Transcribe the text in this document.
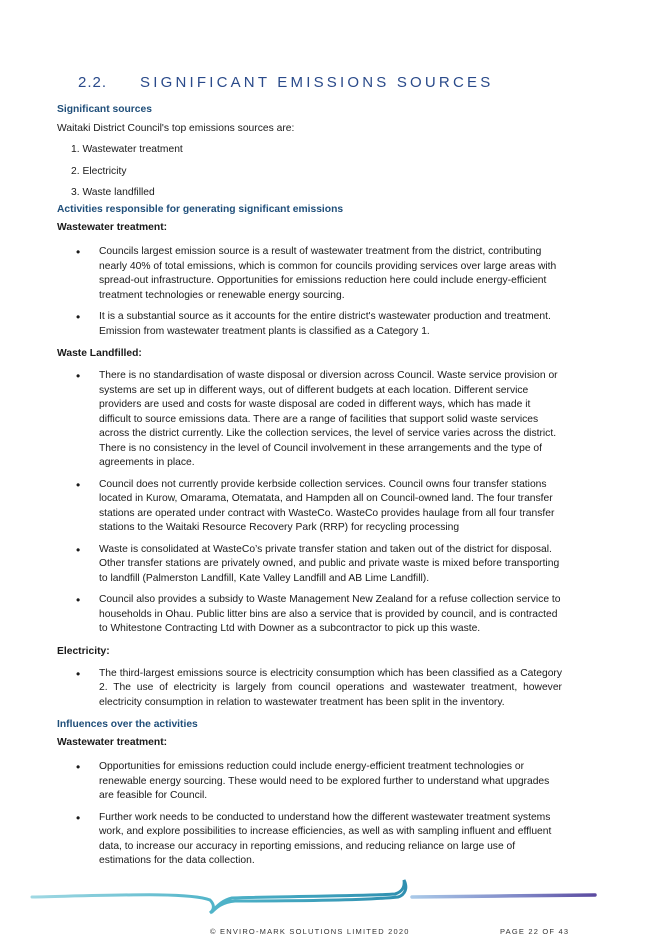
2.2. SIGNIFICANT EMISSIONS SOURCES
Significant sources

Waitaki District Council's top emissions sources are:

1. Wastewater treatment
2. Electricity
3. Waste landfilled
Activities responsible for generating significant emissions
Wastewater treatment:
• Councils largest emission source is a result of wastewater treatment from the district, contributing nearly 40% of total emissions, which is common for councils providing services over large areas with spread-out infrastructure. Opportunities for emissions reduction here could include energy-efficient treatment technologies or renewable energy sourcing.
• It is a substantial source as it accounts for the entire district's wastewater production and treatment. Emission from wastewater treatment plants is classified as a Category 1.
Waste Landfilled:
• There is no standardisation of waste disposal or diversion across Council. Waste service provision or systems are set up in different ways, out of different budgets at each location. Different service providers are used and costs for waste disposal are coded in different ways, which has made it difficult to source emissions data. There are a range of facilities that support solid waste services across the district currently. Like the collection services, the level of service varies across the district. There is no consistency in the level of Council involvement in these arrangements and the type of agreements in place.
• Council does not currently provide kerbside collection services. Council owns four transfer stations located in Kurow, Omarama, Otematata, and Hampden all on Council-owned land. The four transfer stations are operated under contract with WasteCo. WasteCo provides haulage from all four transfer stations to the Waitaki Resource Recovery Park (RRP) for recycling processing
• Waste is consolidated at WasteCo’s private transfer station and taken out of the district for disposal. Other transfer stations are privately owned, and public and private waste is mixed before transporting to landfill (Palmerston Landfill, Kate Valley Landfill and AB Lime Landfill).
• Council also provides a subsidy to Waste Management New Zealand for a refuse collection service to households in Ohau. Public litter bins are also a service that is provided by council, and is contracted to Whitestone Contracting Ltd with Downer as a subcontractor to pick up this waste.
Electricity:
• The third-largest emissions source is electricity consumption which has been classified as a Category 2. The use of electricity is largely from council operations and wastewater treatment, however electricity consumption in relation to wastewater treatment has been split in the inventory.
Influences over the activities
Wastewater treatment:
• Opportunities for emissions reduction could include energy-efficient treatment technologies or renewable energy sourcing. These would need to be explored further to understand what upgrades are feasible for Council.
• Further work needs to be conducted to understand how the different wastewater treatment systems work, and explore possibilities to increase efficiencies, as well as with sampling influent and effluent data, to increase our accuracy in reporting emissions, and reducing reliance on large use of estimations for the data collection.
© ENVIRO-MARK SOLUTIONS LIMITED 2020	PAGE 22 OF 43
